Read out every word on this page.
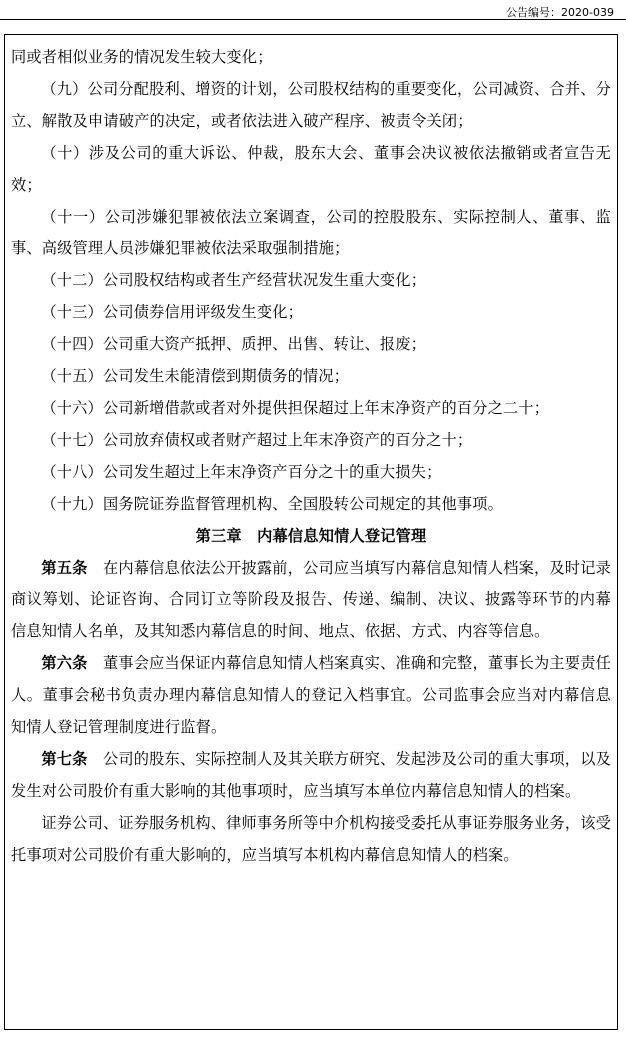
公告编号：2020-039

同或者相似业务的情况发生较大变化；

（九）公司分配股利、增资的计划，公司股权结构的重要变化，公司减资、合并、分立、解散及申请破产的决定，或者依法进入破产程序、被责令关闭；

（十）涉及公司的重大诉讼、仲裁，股东大会、董事会决议被依法撤销或者宣告无效；

（十一）公司涉嫌犯罪被依法立案调查，公司的控股股东、实际控制人、董事、监事、高级管理人员涉嫌犯罪被依法采取强制措施；

（十二）公司股权结构或者生产经营状况发生重大变化；

（十三）公司债券信用评级发生变化；

（十四）公司重大资产抵押、质押、出售、转让、报废；

（十五）公司发生未能清偿到期债务的情况；

（十六）公司新增借款或者对外提供担保超过上年末净资产的百分之二十；

（十七）公司放弃债权或者财产超过上年末净资产的百分之十；

（十八）公司发生超过上年末净资产百分之十的重大损失；

（十九）国务院证券监督管理机构、全国股转公司规定的其他事项。

第三章　内幕信息知情人登记管理

第五条　在内幕信息依法公开披露前，公司应当填写内幕信息知情人档案，及时记录商议筹划、论证咨询、合同订立等阶段及报告、传递、编制、决议、披露等环节的内幕信息知情人名单，及其知悉内幕信息的时间、地点、依据、方式、内容等信息。

第六条　董事会应当保证内幕信息知情人档案真实、准确和完整，董事长为主要责任人。董事会秘书负责办理内幕信息知情人的登记入档事宜。公司监事会应当对内幕信息知情人登记管理制度进行监督。

第七条　公司的股东、实际控制人及其关联方研究、发起涉及公司的重大事项，以及发生对公司股价有重大影响的其他事项时，应当填写本单位内幕信息知情人的档案。

证券公司、证券服务机构、律师事务所等中介机构接受委托从事证券服务业务，该受托事项对公司股价有重大影响的，应当填写本机构内幕信息知情人的档案。
